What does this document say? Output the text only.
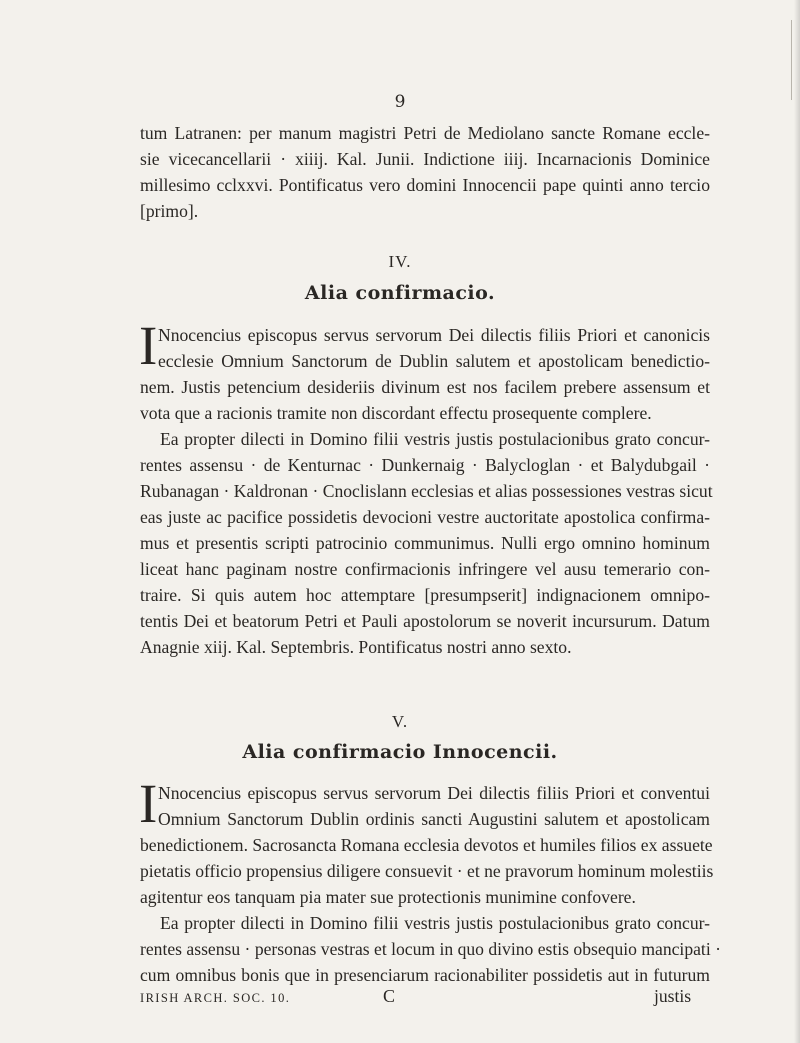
9
tum Latranen: per manum magistri Petri de Mediolano sancte Romane eccle-
sie vicecancellarii · xiiij. Kal. Junii. Indictione iiij. Incarnacionis Dominice
millesimo cclxxvi. Pontificatus vero domini Innocencii pape quinti anno tercio
[primo].
IV.
Alia confirmacio.
I Nnocencius episcopus servus servorum Dei dilectis filiis Priori et canonicis
ecclesie Omnium Sanctorum de Dublin salutem et apostolicam benedictio-
nem. Justis petencium desideriis divinum est nos facilem prebere assensum et
vota que a racionis tramite non discordant effectu prosequente complere.
Ea propter dilecti in Domino filii vestris justis postulacionibus grato concur-
rentes assensu · de Kenturnac · Dunkernaig · Balycloglan · et Balydubgail ·
Rubanagan · Kaldronan · Cnoclislann ecclesias et alias possessiones vestras sicut
eas juste ac pacifice possidetis devocioni vestre auctoritate apostolica confirma-
mus et presentis scripti patrocinio communimus. Nulli ergo omnino hominum
liceat hanc paginam nostre confirmacionis infringere vel ausu temerario con-
traire. Si quis autem hoc attemptare [presumpserit] indignacionem omnipo-
tentis Dei et beatorum Petri et Pauli apostolorum se noverit incursurum. Datum
Anagnie xiij. Kal. Septembris. Pontificatus nostri anno sexto.
V.
Alia confirmacio Innocencii.
I Nnocencius episcopus servus servorum Dei dilectis filiis Priori et conventui
Omnium Sanctorum Dublin ordinis sancti Augustini salutem et apostolicam
benedictionem. Sacrosancta Romana ecclesia devotos et humiles filios ex assuete
pietatis officio propensius diligere consuevit · et ne pravorum hominum molestiis
agitentur eos tanquam pia mater sue protectionis munimine confovere.
Ea propter dilecti in Domino filii vestris justis postulacionibus grato concur-
rentes assensu · personas vestras et locum in quo divino estis obsequio mancipati ·
cum omnibus bonis que in presenciarum racionabiliter possidetis aut in futurum
IRISH ARCH. SOC. 10.	C	justis
